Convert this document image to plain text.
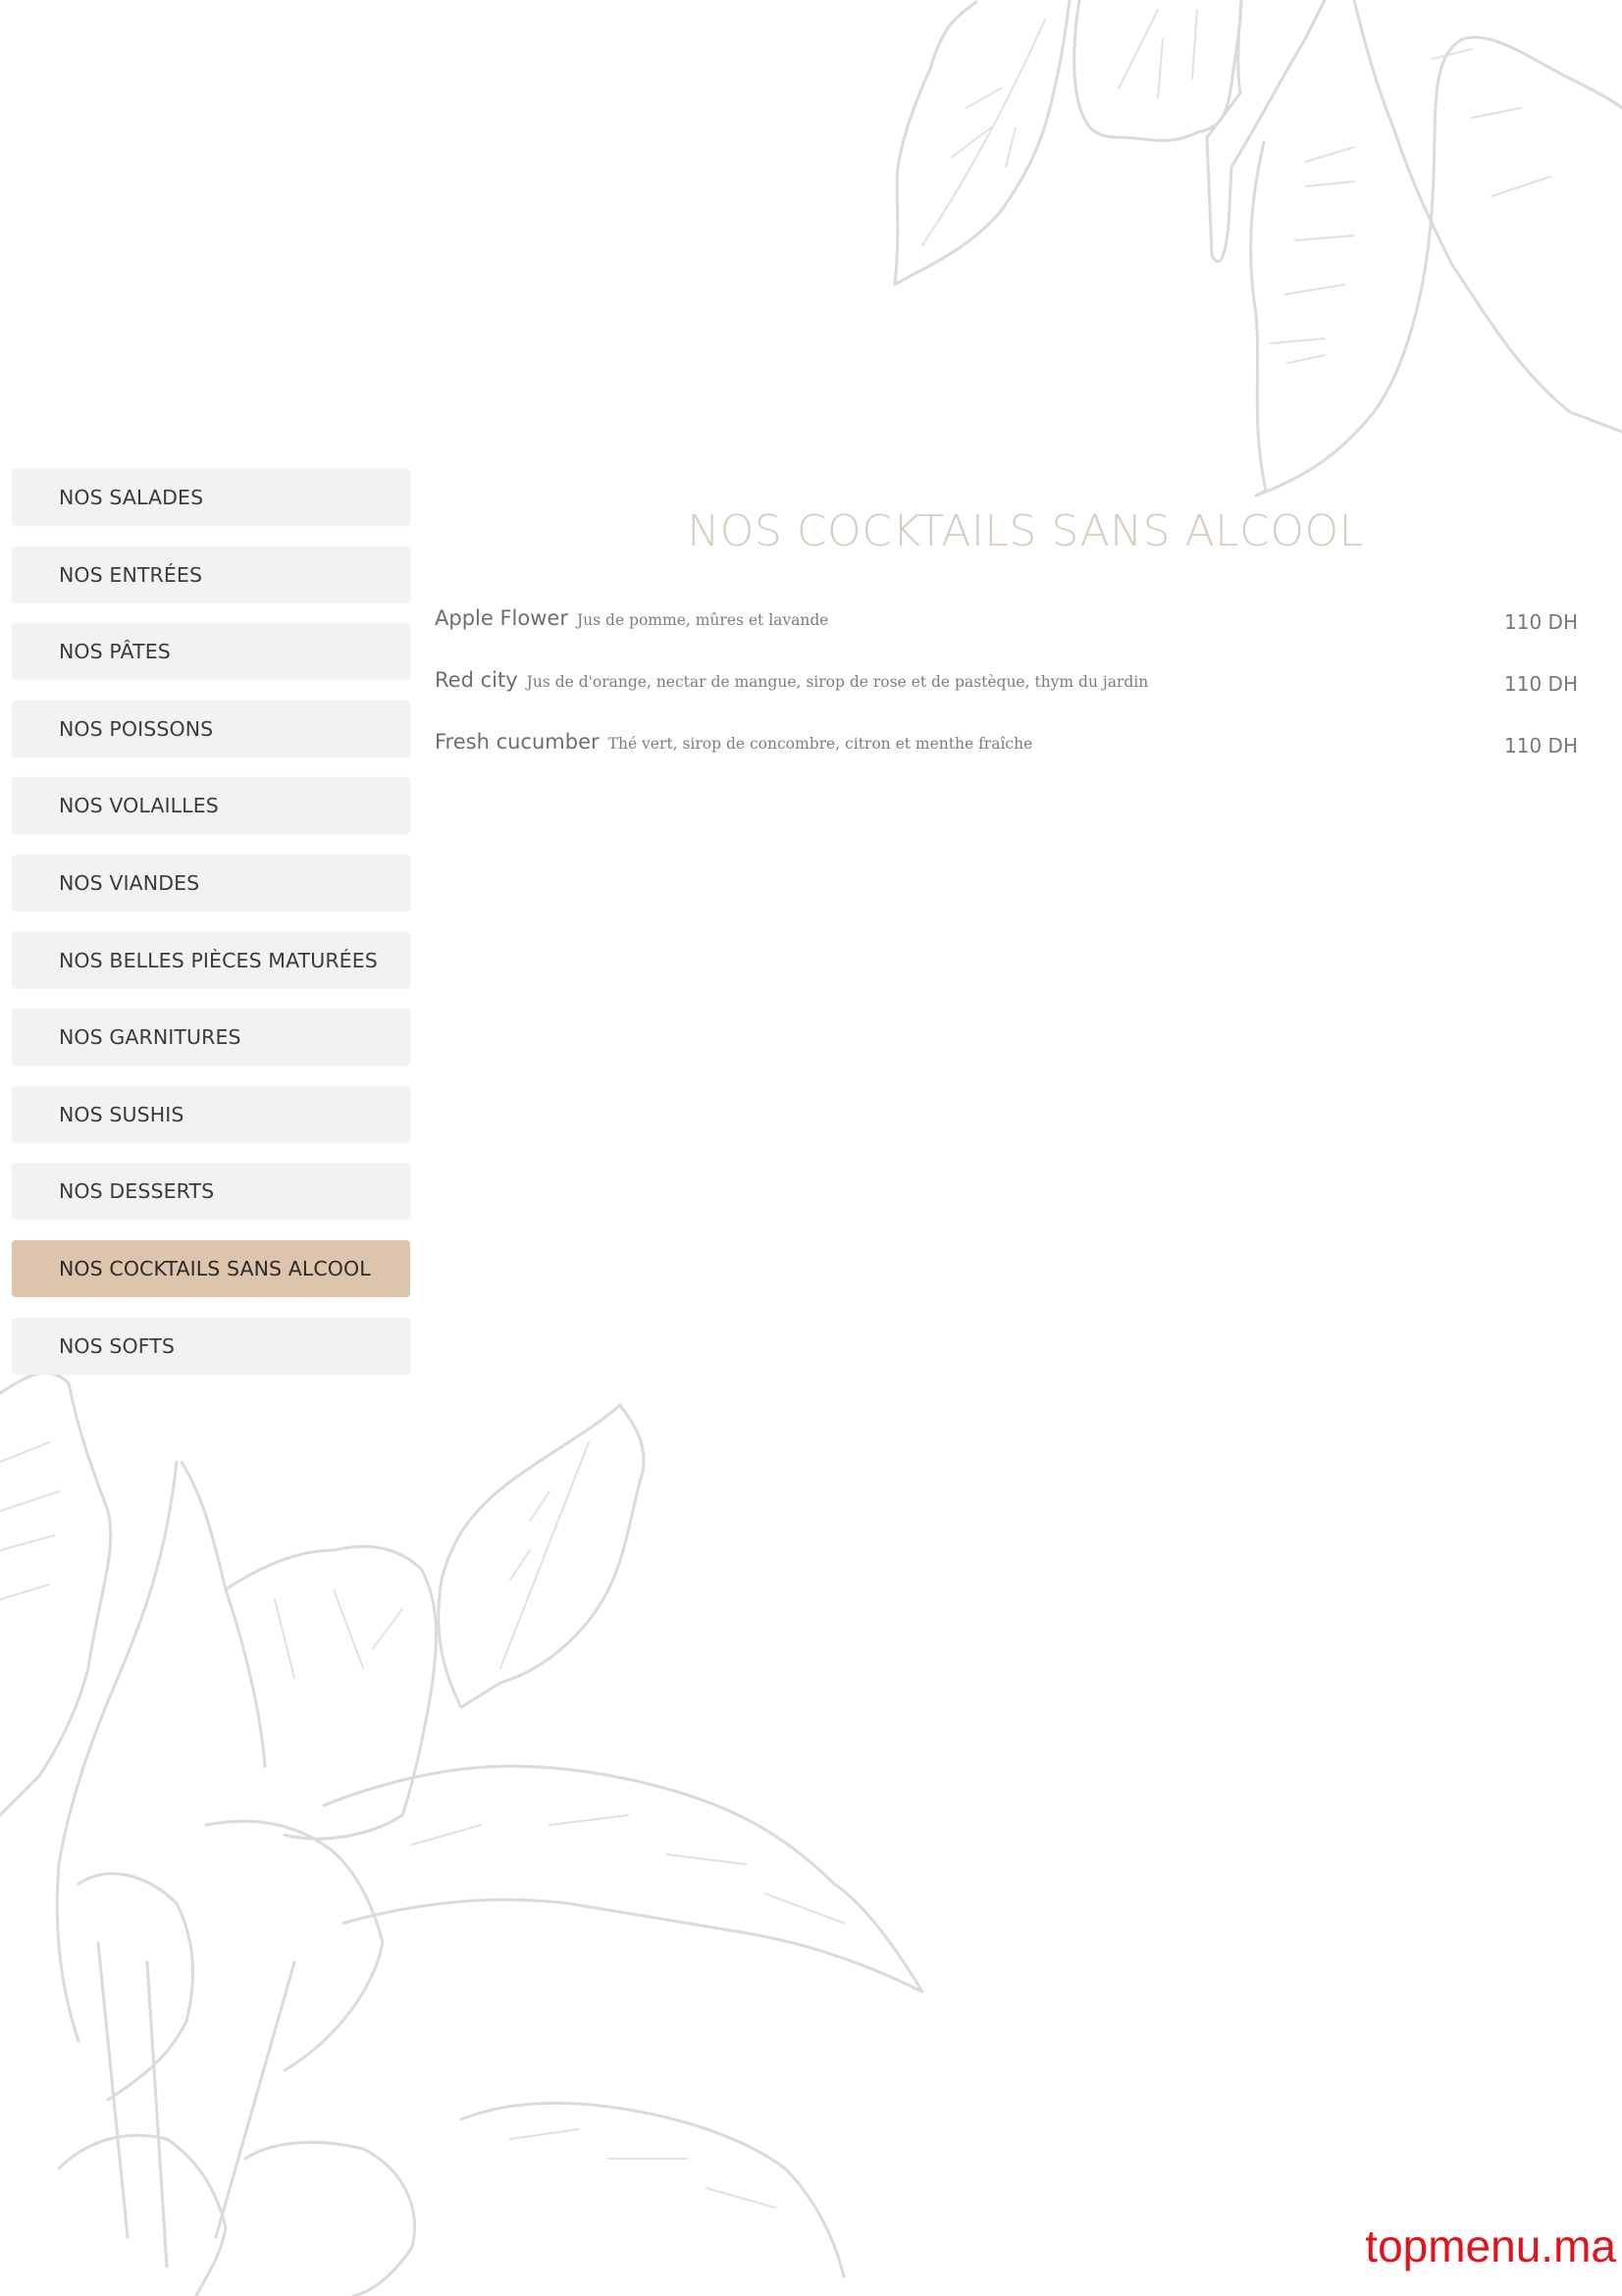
NOS SALADES
NOS ENTRÉES
NOS PÂTES
NOS POISSONS
NOS VOLAILLES
NOS VIANDES
NOS BELLES PIÈCES MATURÉES
NOS GARNITURES
NOS SUSHIS
NOS DESSERTS
NOS COCKTAILS SANS ALCOOL
NOS SOFTS
NOS COCKTAILS SANS ALCOOL
Apple Flower Jus de pomme, mûres et lavande	110 DH
Red city Jus de d'orange, nectar de mangue, sirop de rose et de pastèque, thym du jardin	110 DH
Fresh cucumber Thé vert, sirop de concombre, citron et menthe fraîche	110 DH
topmenu.ma
